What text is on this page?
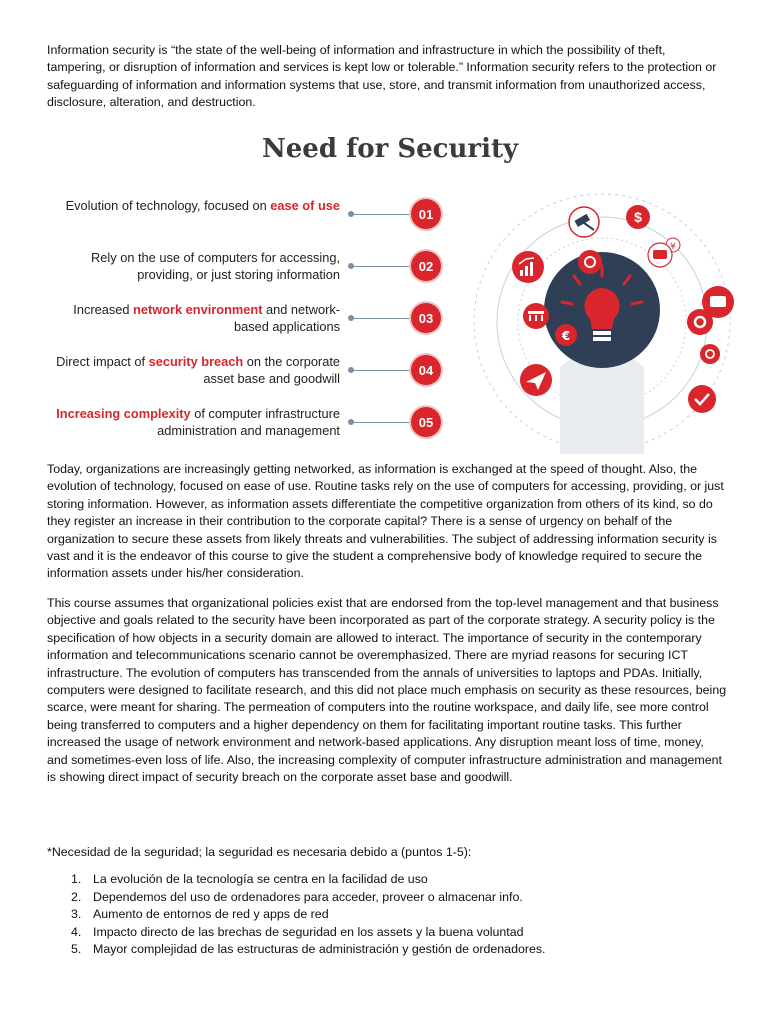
Information security is “the state of the well-being of information and infrastructure in which the possibility of theft, tampering, or disruption of information and services is kept low or tolerable.” Information security refers to the protection or safeguarding of information and information systems that use, store, and transmit information from unauthorized access, disclosure, alteration, and destruction.

Need for Security
Evolution of technology, focused on ease of use
01
Rely on the use of computers for accessing, providing, or just storing information
02
Increased network environment and network-based applications
03
Direct impact of security breach on the corporate asset base and goodwill
04
Increasing complexity of computer infrastructure administration and management
05
$
¥
€

Today, organizations are increasingly getting networked, as information is exchanged at the speed of thought. Also, the evolution of technology, focused on ease of use. Routine tasks rely on the use of computers for accessing, providing, or just storing information. However, as information assets differentiate the competitive organization from others of its kind, so do they register an increase in their contribution to the corporate capital? There is a sense of urgency on behalf of the organization to secure these assets from likely threats and vulnerabilities. The subject of addressing information security is vast and it is the endeavor of this course to give the student a comprehensive body of knowledge required to secure the information assets under his/her consideration.

This course assumes that organizational policies exist that are endorsed from the top-level management and that business objective and goals related to the security have been incorporated as part of the corporate strategy. A security policy is the specification of how objects in a security domain are allowed to interact. The importance of security in the contemporary information and telecommunications scenario cannot be overemphasized. There are myriad reasons for securing ICT infrastructure. The evolution of computers has transcended from the annals of universities to laptops and PDAs. Initially, computers were designed to facilitate research, and this did not place much emphasis on security as these resources, being scarce, were meant for sharing. The permeation of computers into the routine workspace, and daily life, see more control being transferred to computers and a higher dependency on them for facilitating important routine tasks. This further increased the usage of network environment and network-based applications. Any disruption meant loss of time, money, and sometimes-even loss of life. Also, the increasing complexity of computer infrastructure administration and management is showing direct impact of security breach on the corporate asset base and goodwill.

*Necesidad de la seguridad; la seguridad es necesaria debido a (puntos 1-5):

1. La evolución de la tecnología se centra en la facilidad de uso
2. Dependemos del uso de ordenadores para acceder, proveer o almacenar info.
3. Aumento de entornos de red y apps de red
4. Impacto directo de las brechas de seguridad en los assets y la buena voluntad
5. Mayor complejidad de las estructuras de administración y gestión de ordenadores.
